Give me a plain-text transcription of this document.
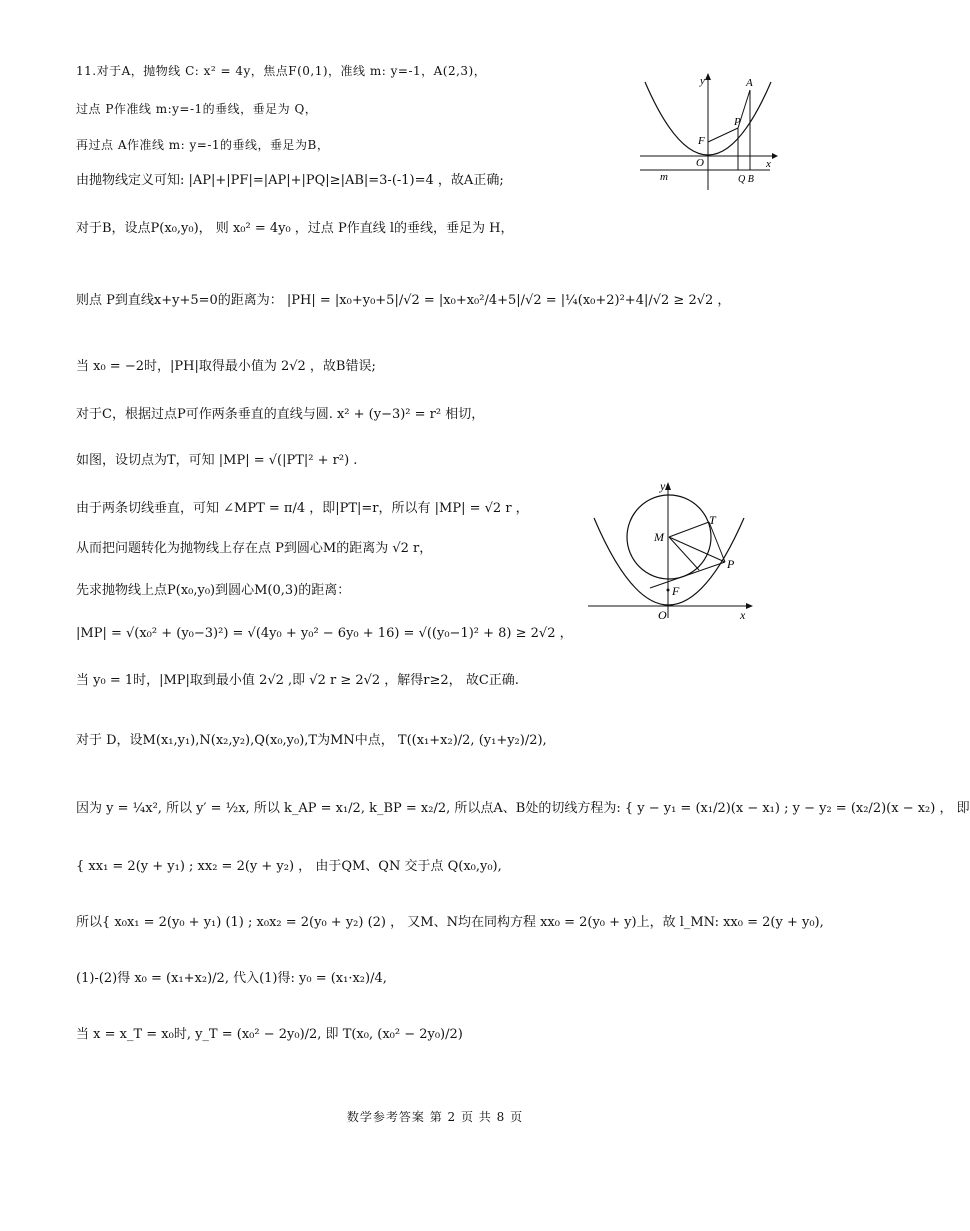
11.对于A，抛物线 C: x² = 4y，焦点F(0,1)，准线 m: y=-1，A(2,3)，
过点 P作准线 m:y=-1的垂线，垂足为 Q，
再过点 A作准线 m: y=-1的垂线，垂足为B，
由抛物线定义可知: |AP|+|PF|=|AP|+|PQ|≥|AB|=3-(-1)=4 ，故A正确;
对于B，设点P(x₀,y₀)， 则 x₀² = 4y₀ ，过点 P作直线 l的垂线，垂足为 H，
则点 P到直线x+y+5=0的距离为： |PH| = |x₀+y₀+5|/√2 = |x₀+x₀²/4+5|/√2 = |¼(x₀+2)²+4|/√2 ≥ 2√2 ，
当 x₀ = −2时，|PH|取得最小值为 2√2 ，故B错误;
对于C，根据过点P可作两条垂直的直线与圆. x² + (y−3)² = r² 相切，
如图，设切点为T，可知 |MP| = √(|PT|² + r²) .
由于两条切线垂直，可知 ∠MPT = π/4 ，即|PT|=r，所以有 |MP| = √2 r ，
从而把问题转化为抛物线上存在点 P到圆心M的距离为 √2 r，
先求抛物线上点P(x₀,y₀)到圆心M(0,3)的距离：
|MP| = √(x₀² + (y₀−3)²) = √(4y₀ + y₀² − 6y₀ + 16) = √((y₀−1)² + 8) ≥ 2√2 ，
当 y₀ = 1时，|MP|取到最小值 2√2 ,即 √2 r ≥ 2√2 ，解得r≥2， 故C正确.
对于 D，设M(x₁,y₁),N(x₂,y₂),Q(x₀,y₀),T为MN中点， T((x₁+x₂)/2, (y₁+y₂)/2),
因为 y = ¼x², 所以 y′ = ½x, 所以 k_AP = x₁/2, k_BP = x₂/2, 所以点A、B处的切线方程为: { y − y₁ = (x₁/2)(x − x₁) ; y − y₂ = (x₂/2)(x − x₂) ， 即
{ xx₁ = 2(y + y₁) ; xx₂ = 2(y + y₂) ， 由于QM、QN 交于点 Q(x₀,y₀),
所以{ x₀x₁ = 2(y₀ + y₁) (1) ; x₀x₂ = 2(y₀ + y₂) (2) ， 又M、N均在同构方程 xx₀ = 2(y₀ + y)上，故 l_MN: xx₀ = 2(y + y₀),
(1)-(2)得 x₀ = (x₁+x₂)/2, 代入(1)得: y₀ = (x₁·x₂)/4,
当 x = x_T = x₀时, y_T = (x₀² − 2y₀)/2, 即 T(x₀, (x₀² − 2y₀)/2)
数学参考答案 第 2 页 共 8 页
y	A
P
F
O	x
m	Q B
y
T
M
P
F
O	x
